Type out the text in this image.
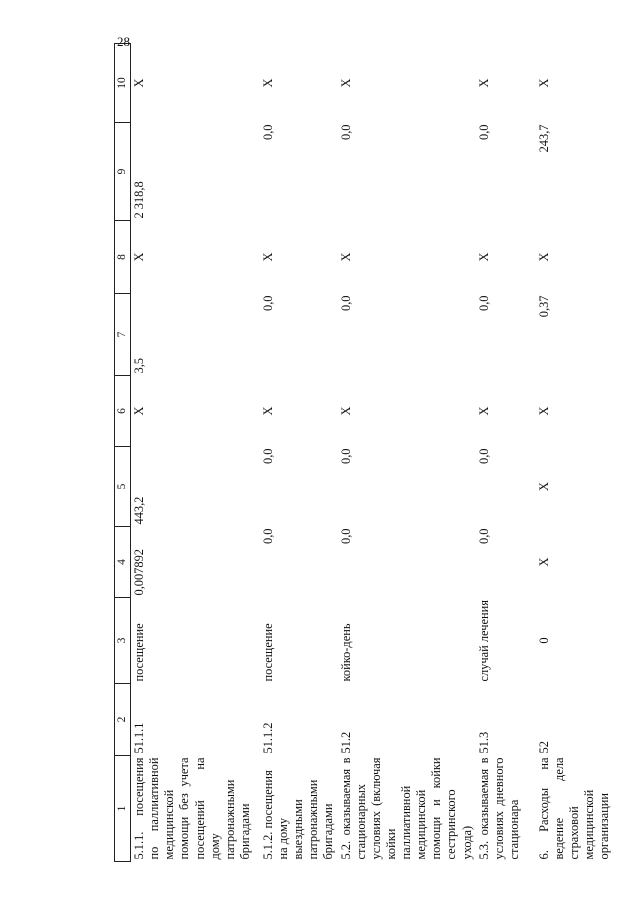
1	2	3	4	5	6	7	8	9	10
5.1.1. посещения по паллиативной медицинской помощи без учета посещений на дому патронажными бригадами	51.1.1	посещение	0,007892	443,2	X	3,5	X	2 318,8	X
5.1.2. посещения на дому выездными патронажными бригадами	51.1.2	посещение	0,0	0,0	X	0,0	X	0,0	X
5.2. оказываемая в стационарных условиях (включая койки паллиативной медицинской помощи и койки сестринского ухода)	51.2	койко-день	0,0	0,0	X	0,0	X	0,0	X
5.3. оказываемая в условиях дневного стационара	51.3	случай лечения	0,0	0,0	X	0,0	X	0,0	X
6. Расходы на ведение дела страховой медицинской организации	52	0	X	X	X	0,37	X	243,7	X
28
